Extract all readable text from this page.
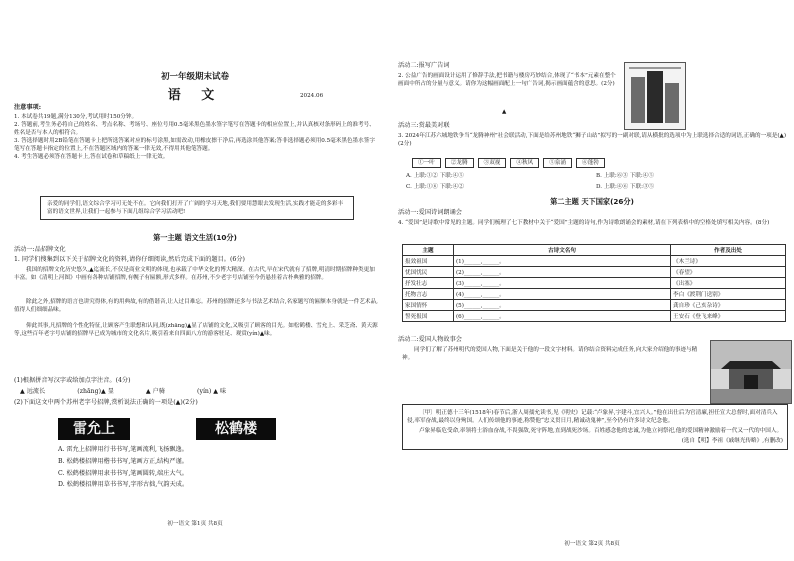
初一年级期末试卷
语 文	2024.06
注意事项:
1. 本试卷共19题,满分130分,考试用时150分钟。
2. 答题前,考生务必将自己的姓名、考点名称、考场号、座位号用0.5毫米黑色墨水签字笔写在答题卡的相应位置上,并认真核对条形码上的准考号、姓名是否与本人的相符合。
3. 答选择题时用2B铅笔在答题卡上把所选答案对应的标号涂黑,如需改动,用橡皮擦干净后,再选涂其他答案;答非选择题必须用0.5毫米黑色墨水签字笔写在答题卡指定的位置上,不在答题区域内的答案一律无效,不得用其他笔答题。
4. 考生答题必须答在答题卡上,答在试卷和草稿纸上一律无效。
亲爱的同学们,语文综合学习可无处不在。它向我们打开了广阔的学习天地,我们要用慧眼去发现生活,实践才能走的多彩丰富的语文世界,让我们一起参与下面几组综合学习活动吧!
第一主题 语文生活(10分)
活动一:品招牌文化
1. 同学们搜集到以下关于招牌文化的资料,请你仔细阅读,然后完成下面的题目。(6分)
我国的招牌文化历史悠久,▲迄流长,不仅是商业文明的体现,也承载了中华文化的博大精深。在古代,早在宋代就有了招牌,明清时期招牌种类更加丰富。如《清明上河图》中画有各种店铺招牌,有幌子有匾额,形式多样。在苏州,不少老字号店铺至今仍悬挂着古朴典雅的招牌。
除此之外,招牌的语言也讲究得体,有的用典故,有的借谐音,让人过目难忘。苏州的招牌还多与书法艺术结合,名家题写的匾额本身就是一件艺术品,值得人们细细品味。
仰此其事,凡招牌的个性化特征,让顾客产生联想和认同,既(zhāng)▲显了店铺的文化,又吸引了顾客的目光。如松鹤楼、雪允上、采芝斋、黄天源等,这些百年老字号店铺的招牌早已成为城市的文化名片,吸引着来自四面八方的游客驻足、观赏(yín)▲味。
(1)根据拼音写汉字或给加点字注音。(4分)
▲ 远流长	(zhāng)▲ 显	▲ 户骑	(yín) ▲ 味
(2)下面这文中两个苏州老字号招牌,赏析说法正确的一项是(▲)(2分)
雷允上	松鹤楼
A. 雷允上招牌用行书书写,笔画流利,飞扬飘逸。
B. 松鹤楼招牌用楷书书写,笔画方正,结构严谨。
C. 松鹤楼招牌用隶书书写,笔画圆转,端庄大气。
D. 松鹤楼招牌用草书书写,字形古拙,气韵天成。
初一语文 第1页 共8页
活动二:报写广告词
2. 公益广告的画面设计运用了修辞手法,把书籍与楼房巧妙结合,体现了“书本”元素在整个画面中所占的分量与意义。请你为这幅画面配上一句广告词,揭示画面蕴含的意思。(2分)
▲
活动三:赏最美对联
3. 2024年江苏六城地铁争当“龙腾神州”社会联活动,下面是给苏州地铁“狮子山站”拟写的一副对联,请从横批的选项中为上联选择合适的词语,正确的一项是(▲)(2分)
①一叶	②龙腾	③双视	④秋风	⑤泉涌	⑥蓬勃
A. 上联:①② 下联:④⑤	B. 上联:⑥③ 下联:④⑤
C. 上联:①⑥ 下联:④②	D. 上联:④⑥ 下联:③⑤
第二主题 天下国家(26分)
活动一:爱国诗词朗诵会
4. “爱国”是诗歌中常见的主题。同学们梳理了七下教材中关于“爱国”主题的诗句,作为诗歌朗诵会的素材,请在下列表格中的空格处填写相关内容。(8分)
主题	古诗文名句	作者及出处
报效祖国	(1)______,______。	《木兰诗》
忧国忧民	(2)______,______。	《春望》
抒发壮志	(3)______,______。	《出塞》
托物言志	(4)______,______。	李白《渡荆门送别》
家国情怀	(5)______,______。	龚自珍《己亥杂诗》
誓死报国	(6)______,______。	王安石《登飞来峰》
活动二:爱国人物故事会
同学们了解了苏州明代的爱国人物,下面是关于他的一段文字材料。请你结合资料完成任务,向大家介绍他的事迹与精神。
〔甲〕明正德十三年(1518年)春节后,浙人周孺允读书,见《明史》记载:“卢象昇,字建斗,宜兴人。”他在出仕后为官清廉,担任宣大总督时,面对清兵入侵,率军奋战,最终以身殉国。人们传颂他的事迹,称赞他“忠义贯日月,精诚动鬼神”,至今仍有许多诗文纪念他。
卢象昇临危受命,率领将士浴血奋战,不畏强敌,死守阵地,直到战死沙场。百姓感念他的忠诚,为他立祠祭祀,他的爱国精神激励着一代又一代的中国人。
(选自【明】李祖《戚继光传略》,有删改)
初一语文 第2页 共8页
